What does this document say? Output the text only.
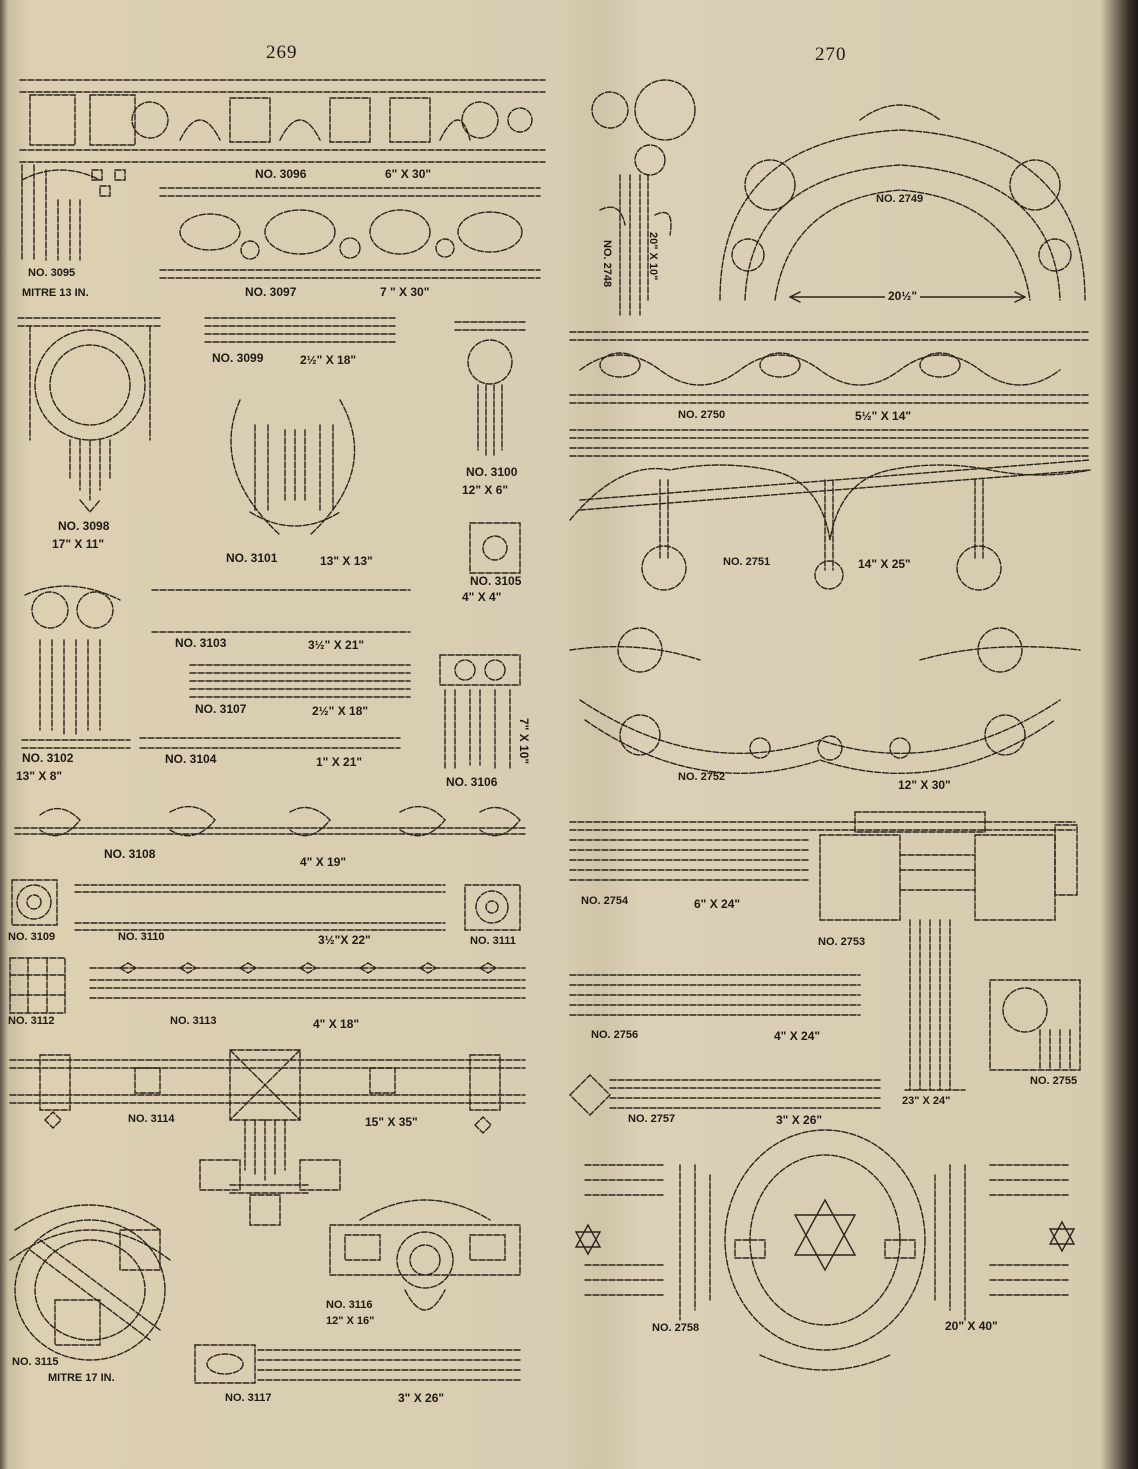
269	270
NO. 3095
MITRE 13 IN.
NO. 3096	6" X 30"
NO. 3097	7 " X 30"
NO. 3098
17" X 11"
NO. 3099	2½" X 18"
NO. 3100
12" X 6"
NO. 3101	13" X 13"
NO. 3105
4" X 4"
NO. 3103	3½" X 21"
NO. 3107	2½" X 18"
NO. 3104	1" X 21"
NO. 3102
13" X 8"
7" X 10"
NO. 3106
NO. 3108
4" X 19"
NO. 3109	NO. 3110	3½"X 22"	NO. 3111
NO. 3112	NO. 3113	4" X 18"
NO. 3114	15" X 35"
NO. 3115
MITRE 17 IN.
NO. 3116
12" X 16"
NO. 3117	3" X 26"
NO. 2748	20" X 10"
NO. 2749
20½"
NO. 2750	5½" X 14"
NO. 2751	14" X 25"
NO. 2752
12" X 30"
NO. 2754	6" X 24"
NO. 2753
23" X 24"
NO. 2756	4" X 24"
NO. 2755
NO. 2757	3" X 26"
NO. 2758	20" X 40"
